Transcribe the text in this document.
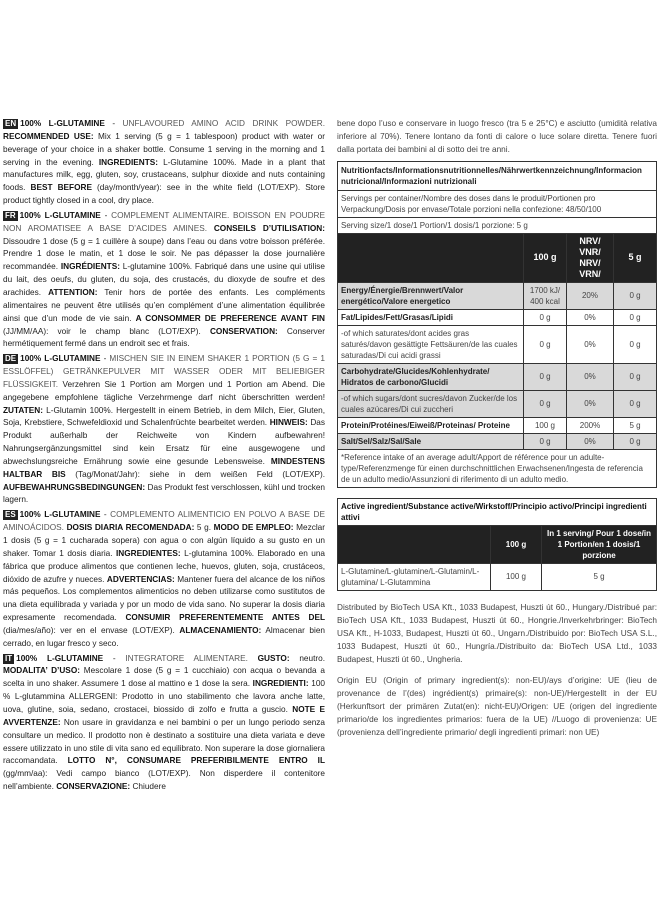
EN 100% L-GLUTAMINE - UNFLAVOURED AMINO ACID DRINK POWDER. RECOMMENDED USE: Mix 1 serving (5 g = 1 tablespoon) product with water or beverage of your choice in a shaker bottle. Consume 1 serving in the morning and 1 serving in the evening. INGREDIENTS: L-Glutamine 100%. Made in a plant that manufactures milk, egg, gluten, soy, crustaceans, sulphur dioxide and nuts containing foods. BEST BEFORE (day/month/year): see in the white field (LOT/EXP). Store product tightly closed in a cool, dry place.

FR 100% L-GLUTAMINE - COMPLEMENT ALIMENTAIRE. BOISSON EN POUDRE NON AROMATISEE A BASE D’ACIDES AMINES. CONSEILS D’UTILISATION: Dissoudre 1 dose (5 g = 1 cuillère à soupe) dans l’eau ou dans votre boisson préférée. Prendre 1 dose le matin, et 1 dose le soir. Ne pas dépasser la dose journalière recommandée. INGRÉDIENTS: L-glutamine 100%. Fabriqué dans une usine qui utilise du lait, des oeufs, du gluten, du soja, des crustacés, du dioxyde de soufre et des arachides. ATTENTION: Tenir hors de portée des enfants. Les compléments alimentaires ne peuvent être utilisés qu’en complément d’une alimentation équilibrée ainsi que d’un mode de vie sain. A CONSOMMER DE PREFERENCE AVANT FIN (JJ/MM/AA): voir le champ blanc (LOT/EXP). CONSERVATION: Conserver hermétiquement fermé dans un endroit sec et frais.

DE 100% L-GLUTAMINE - MISCHEN SIE IN EINEM SHAKER 1 PORTION (5 G = 1 ESSLÖFFEL) GETRÄNKEPULVER MIT WASSER ODER MIT BELIEBIGER FLÜSSIGKEIT. Verzehren Sie 1 Portion am Morgen und 1 Portion am Abend. Die angegebene empfohlene tägliche Verzehrmenge darf nicht überschritten werden! ZUTATEN: L-Glutamin 100%. Hergestellt in einem Betrieb, in dem Milch, Eier, Gluten, Soja, Krebstiere, Schwefeldioxid und Schalenfrüchte bearbeitet werden. HINWEIS: Das Produkt außerhalb der Reichweite von Kindern aufbewahren! Nahrungsergänzungsmittel sind kein Ersatz für eine ausgewogene und abwechslungsreiche Ernährung sowie eine gesunde Lebensweise. MINDESTENS HALTBAR BIS (Tag/Monat/Jahr): siehe in dem weißen Feld (LOT/EXP). AUFBEWAHRUNGSBEDINGUNGEN: Das Produkt fest verschlossen, kühl und trocken lagern.

ES 100% L-GLUTAMINE - COMPLEMENTO ALIMENTICIO EN POLVO A BASE DE AMINOÁCIDOS. DOSIS DIARIA RECOMENDADA: 5 g. MODO DE EMPLEO: Mezclar 1 dosis (5 g = 1 cucharada sopera) con agua o con algún líquido a su gusto en un shaker. Tomar 1 dosis diaria. INGREDIENTES: L-glutamina 100%. Elaborado en una fábrica que produce alimentos que contienen leche, huevos, gluten, soja, crustáceos, dióxido de azufre y nueces. ADVERTENCIAS: Mantener fuera del alcance de los niños más pequeños. Los complementos alimenticios no deben utilizarse como sustitutos de una dieta equilibrada y variada y por un modo de vida sano. No superar la dosis diaria expresamente recomendada. CONSUMIR PREFERENTEMENTE ANTES DEL (dia/mes/año): ver en el envase (LOT/EXP). ALMACENAMIENTO: Almacenar bien cerrado, en lugar fresco y seco.

IT 100% L-GLUTAMINE - INTEGRATORE ALIMENTARE. GUSTO: neutro. MODALITA’ D’USO: Mescolare 1 dose (5 g = 1 cucchiaio) con acqua o bevanda a scelta in uno shaker. Assumere 1 dose al mattino e 1 dose la sera. INGREDIENTI: 100 % L-glutammina ALLERGENI: Prodotto in uno stabilimento che lavora anche latte, uova, glutine, soia, sedano, crostacei, biossido di zolfo e frutta a guscio. NOTE E AVVERTENZE: Non usare in gravidanza e nei bambini o per un lungo periodo senza consultare un medico. Il prodotto non è destinato a sostituire una dieta variata e deve essere utilizzato in uno stile di vita sano ed equilibrato. Non superare la dose giornaliera raccomandata. LOTTO N°, CONSUMARE PREFERIBILMENTE ENTRO IL (gg/mm/aa): Vedi campo bianco (LOT/EXP). Non disperdere il contenitore nell’ambiente. CONSERVAZIONE: Chiudere

bene dopo l’uso e conservare in luogo fresco (tra 5 e 25°C) e asciutto (umidità relativa inferiore al 70%). Tenere lontano da fonti di calore o luce solare diretta. Tenere fuori dalla portata dei bambini al di sotto dei tre anni.

Nutritionfacts/Informationsnutritionnelles/Nährwertkennzeichnung/Informacion nutricional/Informazioni nutrizionali			
Servings per container/Nombre des doses dans le produit/Portionen pro Verpackung/Dosis por envase/Totale porzioni nella confezione: 48/50/100			
Serving size/1 dose/1 Portion/1 dosis/1 porzione: 5 g			
	100 g	NRV/ VNR/ NRV/ VRN/	5 g
Energy/Énergie/Brennwert/Valor energético/Valore energetico	1700 kJ/ 400 kcal	20%	0 g
Fat/Lipides/Fett/Grasas/Lipidi	0 g	0%	0 g
-of which saturates/dont acides gras saturés/davon gesättigte Fettsäuren/de las cuales saturadas/Di cui acidi grassi	0 g	0%	0 g
Carbohydrate/Glucides/Kohlenhydrate/ Hidratos de carbono/Glucidi	0 g	0%	0 g
-of which sugars/dont sucres/davon Zucker/de los cuales azúcares/Di cui zuccheri	0 g	0%	0 g
Protein/Protéines/Eiweiß/Proteinas/ Proteine	100 g	200%	5 g
Salt/Sel/Salz/Sal/Sale	0 g	0%	0 g
*Reference intake of an average adult/Apport de référence pour un adulte-type/Referenzmenge für einen durchschnittlichen Erwachsenen/Ingesta de referencia de un adulto medio/Assunzioni di riferimento di un adulto medio.			
Active ingredient/Substance active/Wirkstoff/Principio activo/Principi ingredienti attivi		
	100 g	In 1 serving/ Pour 1 dose/in 1 Portion/en 1 dosis/1 porzione
L-Glutamine/L-glutamine/L-Glutamin/L-glutamina/ L-Glutammina	100 g	5 g

Distributed by BioTech USA Kft., 1033 Budapest, Huszti út 60., Hungary./Distribué par: BioTech USA Kft., 1033 Budapest, Huszti út 60., Hongrie./Inverkehrbringer: BioTech USA Kft., H-1033, Budapest, Huszti út 60., Ungarn./Distribuido por: BioTech USA S.L., 1033 Budapest, Huszti út 60., Hungría./Distribuito da: BioTech USA Ltd., 1033 Budapest, Huszti út 60., Ungheria.

Origin EU (Origin of primary ingredient(s): non-EU)/ays d’origine: UE (lieu de provenance de l’(des) ingrédient(s) primaire(s): non-UE)/Hergestellt in der EU (Herkunftsort der primären Zutat(en): nicht-EU)/Origen: UE (origen del ingrediente primario/de los ingredientes primarios: fuera de la UE) //Luogo di provenienza: UE (provenienza dell’ingrediente primario/ degli ingredienti primari: non UE)
